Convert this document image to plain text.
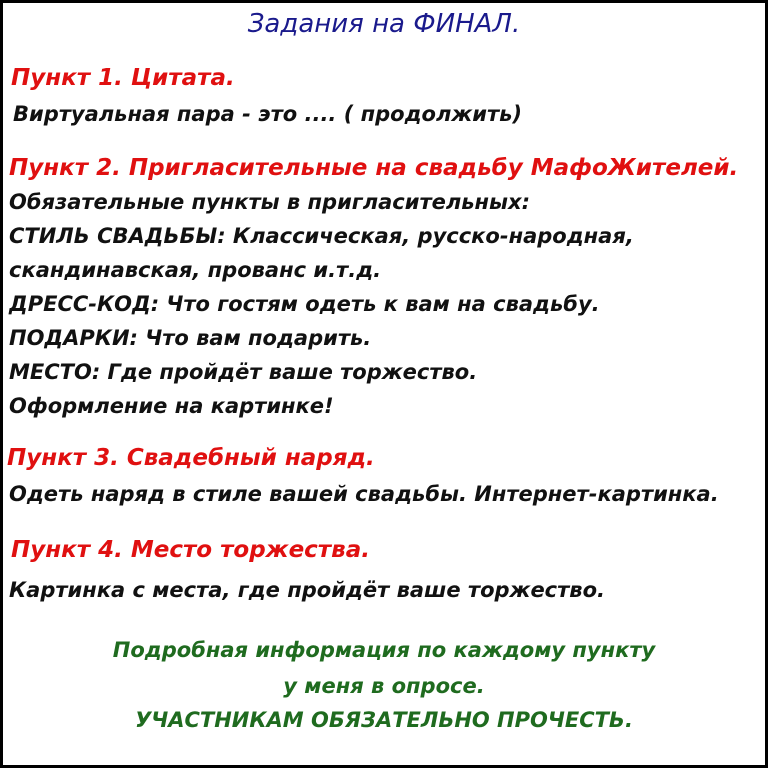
Задания на ФИНАЛ.
Пункт 1. Цитата.
Виртуальная пара - это .... ( продолжить)
Пункт 2. Пригласительные на свадьбу МафоЖителей.
Обязательные пункты в пригласительных:
СТИЛЬ СВАДЬБЫ: Классическая, русско-народная,
скандинавская, прованс и.т.д.
ДРЕСС-КОД: Что гостям одеть к вам на свадьбу.
ПОДАРКИ: Что вам подарить.
МЕСТО: Где пройдёт ваше торжество.
Оформление на картинке!
Пункт 3. Свадебный наряд.
Одеть наряд в стиле вашей свадьбы. Интернет-картинка.
Пункт 4. Место торжества.
Картинка с места, где пройдёт ваше торжество.
Подробная информация по каждому пункту
у меня в опросе.
УЧАСТНИКАМ ОБЯЗАТЕЛЬНО ПРОЧЕСТЬ.
